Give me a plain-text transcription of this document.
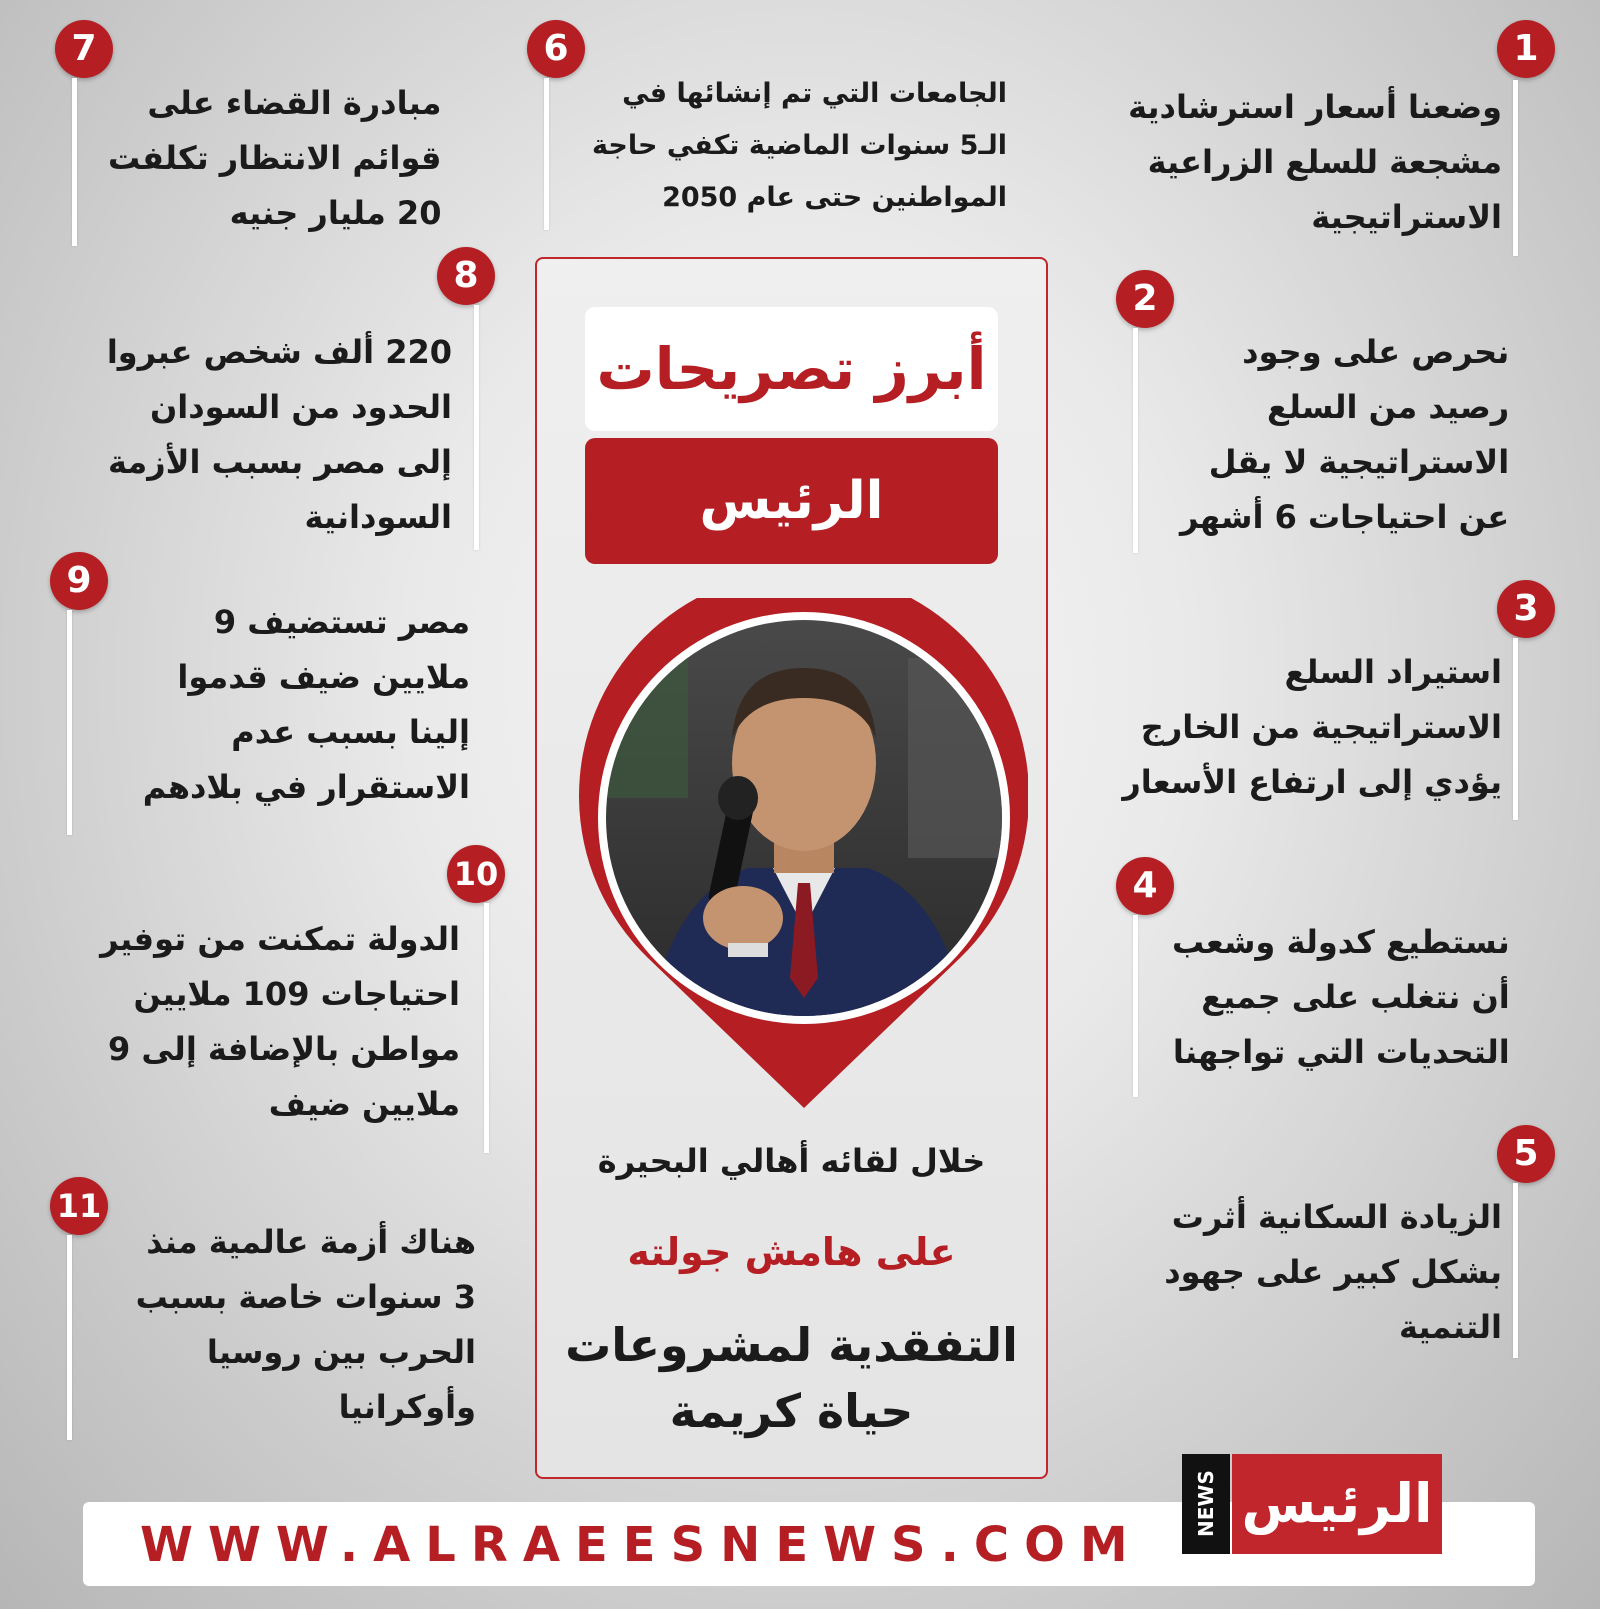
1
وضعنا أسعار استرشادية
مشجعة للسلع الزراعية
الاستراتيجية
2
نحرص على وجود
رصيد من السلع
الاستراتيجية لا يقل
عن احتياجات 6 أشهر
3
استيراد السلع
الاستراتيجية من الخارج
يؤدي إلى ارتفاع الأسعار
4
نستطيع كدولة وشعب
أن نتغلب على جميع
التحديات التي تواجهنا
5
الزيادة السكانية أثرت
بشكل كبير على جهود
التنمية
6
الجامعات التي تم إنشائها في
الـ5 سنوات الماضية تكفي حاجة
المواطنين حتى عام 2050
7
مبادرة القضاء على
قوائم الانتظار تكلفت
20 مليار جنيه
8
220 ألف شخص عبروا
الحدود من السودان
إلى مصر بسبب الأزمة
السودانية
9
مصر تستضيف 9
ملايين ضيف قدموا
إلينا بسبب عدم
الاستقرار في بلادهم
10
الدولة تمكنت من توفير
احتياجات 109 ملايين
مواطن بالإضافة إلى 9
ملايين ضيف
11
هناك أزمة عالمية منذ
3 سنوات خاصة بسبب
الحرب بين روسيا
وأوكرانيا
أبرز تصريحات
الرئيس
خلال لقائه أهالي البحيرة
على هامش جولته
التفقدية لمشروعات
حياة كريمة
WWW.ALRAEESNEWS.COM
NEWS الرئيس
